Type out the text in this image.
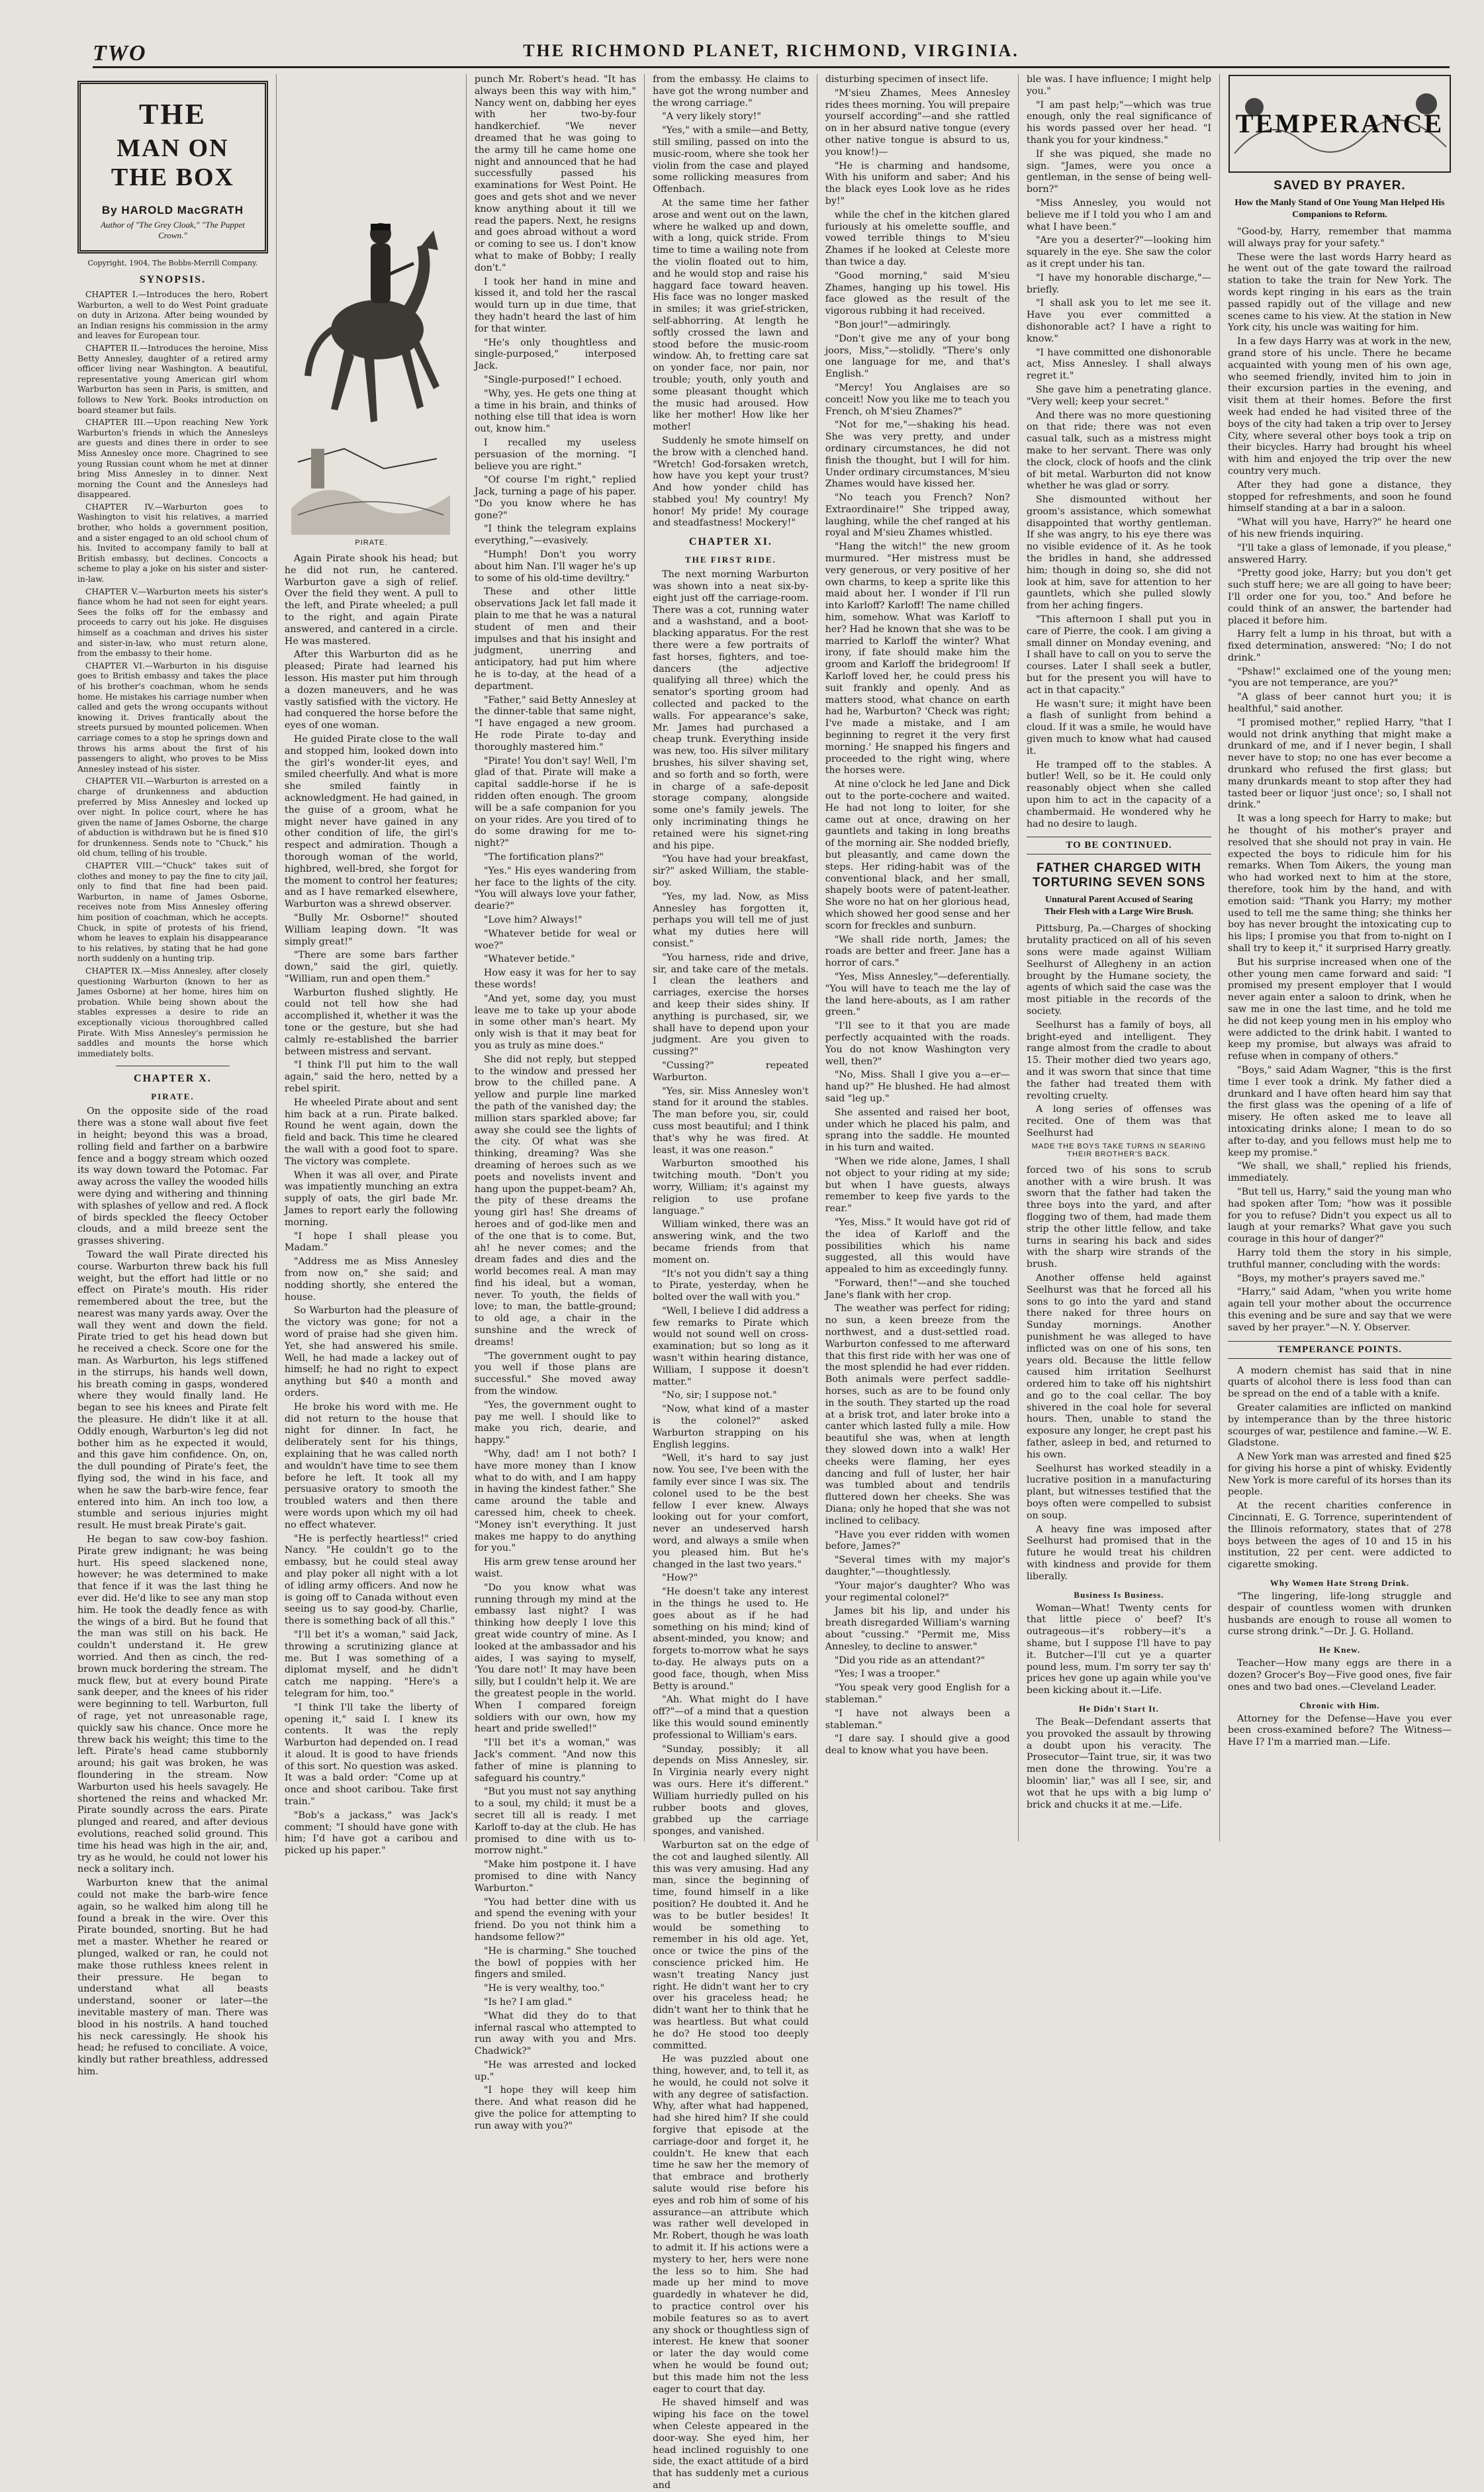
TWO	THE RICHMOND PLANET, RICHMOND, VIRGINIA.
THE
MAN ON THE BOX
By HAROLD MacGRATH
Author of "The Grey Cloak," "The Puppet Crown."
Copyright, 1904, The Bobbs-Merrill Company.
SYNOPSIS.

CHAPTER I.—Introduces the hero, Robert Warburton, a well to do West Point graduate on duty in Arizona. After being wounded by an Indian resigns his commission in the army and leaves for European tour.

CHAPTER II.—Introduces the heroine, Miss Betty Annesley, daughter of a retired army officer living near Washington. A beautiful, representative young American girl whom Warburton has seen in Paris, is smitten, and follows to New York. Books introduction on board steamer but fails.

CHAPTER III.—Upon reaching New York Warburton's friends in which the Annesleys are guests and dines there in order to see Miss Annesley once more. Chagrined to see young Russian count whom he met at dinner bring Miss Annesley in to dinner. Next morning the Count and the Annesleys had disappeared.

CHAPTER IV.—Warburton goes to Washington to visit his relatives, a married brother, who holds a government position, and a sister engaged to an old school chum of his. Invited to accompany family to ball at British embassy, but declines. Concocts a scheme to play a joke on his sister and sister-in-law.

CHAPTER V.—Warburton meets his sister's fiance whom he had not seen for eight years. Sees the folks off for the embassy and proceeds to carry out his joke. He disguises himself as a coachman and drives his sister and sister-in-law, who must return alone, from the embassy to their home.

CHAPTER VI.—Warburton in his disguise goes to British embassy and takes the place of his brother's coachman, whom he sends home. He mistakes his carriage number when called and gets the wrong occupants without knowing it. Drives frantically about the streets pursued by mounted policemen. When carriage comes to a stop he springs down and throws his arms about the first of his passengers to alight, who proves to be Miss Annesley instead of his sister.

CHAPTER VII.—Warburton is arrested on a charge of drunkenness and abduction preferred by Miss Annesley and locked up over night. In police court, where he has given the name of James Osborne, the charge of abduction is withdrawn but he is fined $10 for drunkenness. Sends note to "Chuck," his old chum, telling of his trouble.

CHAPTER VIII.—"Chuck" takes suit of clothes and money to pay the fine to city jail, only to find that fine had been paid. Warburton, in name of James Osborne, receives note from Miss Annesley offering him position of coachman, which he accepts. Chuck, in spite of protests of his friend, whom he leaves to explain his disappearance to his relatives, by stating that he had gone north suddenly on a hunting trip.

CHAPTER IX.—Miss Annesley, after closely questioning Warburton (known to her as James Osborne) at her home, hires him on probation. While being shown about the stables expresses a desire to ride an exceptionally vicious thoroughbred called Pirate. With Miss Annesley's permission he saddles and mounts the horse which immediately bolts.

CHAPTER X.
PIRATE.

On the opposite side of the road there was a stone wall about five feet in height; beyond this was a broad, rolling field and farther on a barbwire fence and a boggy stream which oozed its way down toward the Potomac. Far away across the valley the wooded hills were dying and withering and thinning with splashes of yellow and red. A flock of birds speckled the fleecy October clouds, and a mild breeze sent the grasses shivering.

Toward the wall Pirate directed his course. Warburton threw back his full weight, but the effort had little or no effect on Pirate's mouth. His rider remembered about the tree, but the nearest was many yards away. Over the wall they went and down the field. Pirate tried to get his head down but he received a check. Score one for the man. As Warburton, his legs stiffened in the stirrups, his hands well down, his breath coming in gasps, wondered where they would finally land. He began to see his knees and Pirate felt the pleasure. He didn't like it at all. Oddly enough, Warburton's leg did not bother him as he expected it would, and this gave him confidence. On, on, the dull pounding of Pirate's feet, the flying sod, the wind in his face, and when he saw the barb-wire fence, fear entered into him. An inch too low, a stumble and serious injuries might result. He must break Pirate's gait.

He began to saw cow-boy fashion. Pirate grew indignant; he was being hurt. His speed slackened none, however; he was determined to make that fence if it was the last thing he ever did. He'd like to see any man stop him. He took the deadly fence as with the wings of a bird. But he found that the man was still on his back. He couldn't understand it. He grew worried. And then as cinch, the red-brown muck bordering the stream. The muck flew, but at every bound Pirate sank deeper, and the knees of his rider were beginning to tell. Warburton, full of rage, yet not unreasonable rage, quickly saw his chance. Once more he threw back his weight; this time to the left. Pirate's head came stubbornly around; his gait was broken, he was floundering in the stream. Now Warburton used his heels savagely. He shortened the reins and whacked Mr. Pirate soundly across the ears. Pirate plunged and reared, and after devious evolutions, reached solid ground. This time his head was high in the air, and, try as he would, he could not lower his neck a solitary inch.

Warburton knew that the animal could not make the barb-wire fence again, so he walked him along till he found a break in the wire. Over this Pirate bounded, snorting. But he had met a master. Whether he reared or plunged, walked or ran, he could not make those ruthless knees relent in their pressure. He began to understand what all beasts understand, sooner or later—the inevitable mastery of man. There was blood in his nostrils. A hand touched his neck caressingly. He shook his head; he refused to conciliate. A voice, kindly but rather breathless, addressed him.

PIRATE.

Again Pirate shook his head; but he did not run, he cantered. Warburton gave a sigh of relief. Over the field they went. A pull to the left, and Pirate wheeled; a pull to the right, and again Pirate answered, and cantered in a circle. He was mastered.

After this Warburton did as he pleased; Pirate had learned his lesson. His master put him through a dozen maneuvers, and he was vastly satisfied with the victory. He had conquered the horse before the eyes of one woman.

He guided Pirate close to the wall and stopped him, looked down into the girl's wonder-lit eyes, and smiled cheerfully. And what is more she smiled faintly in acknowledgment. He had gained, in the guise of a groom, what he might never have gained in any other condition of life, the girl's respect and admiration. Though a thorough woman of the world, highbred, well-bred, she forgot for the moment to control her features; and as I have remarked elsewhere, Warburton was a shrewd observer.

"Bully Mr. Osborne!" shouted William leaping down. "It was simply great!"

"There are some bars farther down," said the girl, quietly. "William, run and open them."

Warburton flushed slightly. He could not tell how she had accomplished it, whether it was the tone or the gesture, but she had calmly re-established the barrier between mistress and servant.

"I think I'll put him to the wall again," said the hero, netted by a rebel spirit.

He wheeled Pirate about and sent him back at a run. Pirate balked. Round he went again, down the field and back. This time he cleared the wall with a good foot to spare. The victory was complete.

When it was all over, and Pirate was impatiently munching an extra supply of oats, the girl bade Mr. James to report early the following morning.

"I hope I shall please you Madam."

"Address me as Miss Annesley from now on," she said; and nodding shortly, she entered the house.

So Warburton had the pleasure of the victory was gone; for not a word of praise had she given him. Yet, she had answered his smile. Well, he had made a lackey out of himself; he had no right to expect anything but $40 a month and orders.

He broke his word with me. He did not return to the house that night for dinner. In fact, he deliberately sent for his things, explaining that he was called north and wouldn't have time to see them before he left. It took all my persuasive oratory to smooth the troubled waters and then there were words upon which my oil had no effect whatever.

"He is perfectly heartless!" cried Nancy. "He couldn't go to the embassy, but he could steal away and play poker all night with a lot of idling army officers. And now he is going off to Canada without even seeing us to say good-by. Charlie, there is something back of all this."

"I'll bet it's a woman," said Jack, throwing a scrutinizing glance at me. But I was something of a diplomat myself, and he didn't catch me napping. "Here's a telegram for him, too."

"I think I'll take the liberty of opening it," said I. I knew its contents. It was the reply Warburton had depended on. I read it aloud. It is good to have friends of this sort. No question was asked. It was a bald order: "Come up at once and shoot caribou. Take first train."

"Bob's a jackass," was Jack's comment; "I should have gone with him; I'd have got a caribou and picked up his paper."

punch Mr. Robert's head. "It has always been this way with him," Nancy went on, dabbing her eyes with her two-by-four handkerchief. "We never dreamed that he was going to the army till he came home one night and announced that he had successfully passed his examinations for West Point. He goes and gets shot and we never know anything about it till we read the papers. Next, he resigns and goes abroad without a word or coming to see us. I don't know what to make of Bobby; I really don't."

I took her hand in mine and kissed it, and told her the rascal would turn up in due time, that they hadn't heard the last of him for that winter.

"He's only thoughtless and single-purposed," interposed Jack.

"Single-purposed!" I echoed.

"Why, yes. He gets one thing at a time in his brain, and thinks of nothing else till that idea is worn out, know him."

I recalled my useless persuasion of the morning. "I believe you are right."

"Of course I'm right," replied Jack, turning a page of his paper. "Do you know where he has gone?"

"I think the telegram explains everything,"—evasively.

"Humph! Don't you worry about him Nan. I'll wager he's up to some of his old-time deviltry."

These and other little observations Jack let fall made it plain to me that he was a natural student of men and their impulses and that his insight and judgment, unerring and anticipatory, had put him where he is to-day, at the head of a department.

"Father," said Betty Annesley at the dinner-table that same night, "I have engaged a new groom. He rode Pirate to-day and thoroughly mastered him."

"Pirate! You don't say! Well, I'm glad of that. Pirate will make a capital saddle-horse if he is ridden often enough. The groom will be a safe companion for you on your rides. Are you tired of to do some drawing for me to-night?"

"The fortification plans?"

"Yes." His eyes wandering from her face to the lights of the city. "You will always love your father, dearie?"

"Love him? Always!"

"Whatever betide for weal or woe?"

"Whatever betide."

How easy it was for her to say these words!

"And yet, some day, you must leave me to take up your abode in some other man's heart. My only wish is that it may beat for you as truly as mine does."

She did not reply, but stepped to the window and pressed her brow to the chilled pane. A yellow and purple line marked the path of the vanished day; the million stars sparkled above; far away she could see the lights of the city. Of what was she thinking, dreaming? Was she dreaming of heroes such as we poets and novelists invent and hang upon the puppet-beam? Ah, the pity of these dreams the young girl has! She dreams of heroes and of god-like men and of the one that is to come. But, ah! he never comes; and the dream fades and dies and the world becomes real. A man may find his ideal, but a woman, never. To youth, the fields of love; to man, the battle-ground; to old age, a chair in the sunshine and the wreck of dreams!

"The government ought to pay you well if those plans are successful." She moved away from the window.

"Yes, the government ought to pay me well. I should like to make you rich, dearie, and happy."

"Why, dad! am I not both? I have more money than I know what to do with, and I am happy in having the kindest father." She came around the table and caressed him, cheek to cheek. "Money isn't everything. It just makes me happy to do anything for you."

His arm grew tense around her waist.

"Do you know what was running through my mind at the embassy last night? I was thinking how deeply I love this great wide country of mine. As I looked at the ambassador and his aides, I was saying to myself, 'You dare not!' It may have been silly, but I couldn't help it. We are the greatest people in the world. When I compared foreign soldiers with our own, how my heart and pride swelled!"

"I'll bet it's a woman," was Jack's comment. "And now this father of mine is planning to safeguard his country."

"But you must not say anything to a soul, my child; it must be a secret till all is ready. I met Karloff to-day at the club. He has promised to dine with us to-morrow night."

"Make him postpone it. I have promised to dine with Nancy Warburton."

"You had better dine with us and spend the evening with your friend. Do you not think him a handsome fellow?"

"He is charming." She touched the bowl of poppies with her fingers and smiled.

"He is very wealthy, too."

"Is he? I am glad."

"What did they do to that infernal rascal who attempted to run away with you and Mrs. Chadwick?"

"He was arrested and locked up."

"I hope they will keep him there. And what reason did he give the police for attempting to run away with you?"

from the embassy. He claims to have got the wrong number and the wrong carriage."

"A very likely story!"

"Yes," with a smile—and Betty, still smiling, passed on into the music-room, where she took her violin from the case and played some rollicking measures from Offenbach.

At the same time her father arose and went out on the lawn, where he walked up and down, with a long, quick stride. From time to time a wailing note from the violin floated out to him, and he would stop and raise his haggard face toward heaven. His face was no longer masked in smiles; it was grief-stricken, self-abhorring. At length he softly crossed the lawn and stood before the music-room window. Ah, to fretting care sat on yonder face, nor pain, nor trouble; youth, only youth and some pleasant thought which the music had aroused. How like her mother! How like her mother!

Suddenly he smote himself on the brow with a clenched hand. "Wretch! God-forsaken wretch, how have you kept your trust? And how yonder child has stabbed you! My country! My honor! My pride! My courage and steadfastness! Mockery!"

CHAPTER XI.
THE FIRST RIDE.

The next morning Warburton was shown into a neat six-by-eight just off the carriage-room. There was a cot, running water and a washstand, and a boot-blacking apparatus. For the rest there were a few portraits of fast horses, fighters, and toe-dancers (the adjective qualifying all three) which the senator's sporting groom had collected and packed to the walls. For appearance's sake, Mr. James had purchased a cheap trunk. Everything inside was new, too. His silver military brushes, his silver shaving set, and so forth and so forth, were in charge of a safe-deposit storage company, alongside some one's family jewels. The only incriminating things he retained were his signet-ring and his pipe.

"You have had your breakfast, sir?" asked William, the stable-boy.

"Yes, my lad. Now, as Miss Annesley has forgotten it, perhaps you will tell me of just what my duties here will consist."

"You harness, ride and drive, sir, and take care of the metals. I clean the leathers and carriages, exercise the horses and keep their sides shiny. If anything is purchased, sir, we shall have to depend upon your judgment. Are you given to cussing?"

"Cussing?" repeated Warburton.

"Yes, sir. Miss Annesley won't stand for it around the stables. The man before you, sir, could cuss most beautiful; and I think that's why he was fired. At least, it was one reason."

Warburton smoothed his twitching mouth. "Don't you worry, William; it's against my religion to use profane language."

William winked, there was an answering wink, and the two became friends from that moment on.

"It's not you didn't say a thing to Pirate, yesterday, when he bolted over the wall with you."

"Well, I believe I did address a few remarks to Pirate which would not sound well on cross-examination; but so long as it wasn't within hearing distance, William, I suppose it doesn't matter."

"No, sir; I suppose not."

"Now, what kind of a master is the colonel?" asked Warburton strapping on his English leggins.

"Well, it's hard to say just now. You see, I've been with the family ever since I was six. The colonel used to be the best fellow I ever knew. Always looking out for your comfort, never an undeserved harsh word, and always a smile when you pleased him. But he's changed in the last two years."

"How?"

"He doesn't take any interest in the things he used to. He goes about as if he had something on his mind; kind of absent-minded, you know; and forgets to-morrow what he says to-day. He always puts on a good face, though, when Miss Betty is around."

"Ah. What might do I have off?"—of a mind that a question like this would sound eminently professional to William's ears.

"Sunday, possibly; it all depends on Miss Annesley, sir. In Virginia nearly every night was ours. Here it's different." William hurriedly pulled on his rubber boots and gloves, grabbed up the carriage sponges, and vanished.

Warburton sat on the edge of the cot and laughed silently. All this was very amusing. Had any man, since the beginning of time, found himself in a like position? He doubted it. And he was to be butler besides! It would be something to remember in his old age. Yet, once or twice the pins of the conscience pricked him. He wasn't treating Nancy just right. He didn't want her to cry over his graceless head; he didn't want her to think that he was heartless. But what could he do? He stood too deeply committed.

He was puzzled about one thing, however, and, to tell it, as he would, he could not solve it with any degree of satisfaction. Why, after what had happened, had she hired him? If she could forgive that episode at the carriage-door and forget it, he couldn't. He knew that each time he saw her the memory of that embrace and brotherly salute would rise before his eyes and rob him of some of his assurance—an attribute which was rather well developed in Mr. Robert, though he was loath to admit it. If his actions were a mystery to her, hers were none the less so to him. She had made up her mind to move guardedly in whatever he did, to practice control over his mobile features so as to avert any shock or thoughtless sign of interest. He knew that sooner or later the day would come when he would be found out; but this made him not the less eager to court that day.

He shaved himself and was wiping his face on the towel when Celeste appeared in the door-way. She eyed him, her head inclined roguishly to one side, the exact attitude of a bird that has suddenly met a curious and

disturbing specimen of insect life.

"M'sieu Zhames, Mees Annesley rides thees morning. You will prepaire yourself according"—and she rattled on in her absurd native tongue (every other native tongue is absurd to us, you know!)—

"He is charming and handsome, With his uniform and saber; And his the black eyes Look love as he rides by!"

while the chef in the kitchen glared furiously at his omelette souffle, and vowed terrible things to M'sieu Zhames if he looked at Celeste more than twice a day.

"Good morning," said M'sieu Zhames, hanging up his towel. His face glowed as the result of the vigorous rubbing it had received.

"Bon jour!"—admiringly.

"Don't give me any of your bong joors, Miss,"—stolidly. "There's only one language for me, and that's English."

"Mercy! You Anglaises are so conceit! Now you like me to teach you French, oh M'sieu Zhames?"

"Not for me,"—shaking his head. She was very pretty, and under ordinary circumstances, he did not finish the thought, but I will for him. Under ordinary circumstances, M'sieu Zhames would have kissed her.

"No teach you French? Non? Extraordinaire!" She tripped away, laughing, while the chef ranged at his royal and M'sieu Zhames whistled.

"Hang the witch!" the new groom murmured. "Her mistress must be very generous, or very positive of her own charms, to keep a sprite like this maid about her. I wonder if I'll run into Karloff? Karloff! The name chilled him, somehow. What was Karloff to her? Had he known that she was to be married to Karloff the winter? What irony, if fate should make him the groom and Karloff the bridegroom! If Karloff loved her, he could press his suit frankly and openly. And as matters stood, what chance on earth had he, Warburton? 'Check was right; I've made a mistake, and I am beginning to regret it the very first morning.' He snapped his fingers and proceeded to the right wing, where the horses were.

At nine o'clock he led Jane and Dick out to the porte-cochere and waited. He had not long to loiter, for she came out at once, drawing on her gauntlets and taking in long breaths of the morning air. She nodded briefly, but pleasantly, and came down the steps. Her riding-habit was of the conventional black, and her small, shapely boots were of patent-leather. She wore no hat on her glorious head, which showed her good sense and her scorn for freckles and sunburn.

"We shall ride north, James; the roads are better and freer. Jane has a horror of cars."

"Yes, Miss Annesley,"—deferentially. "You will have to teach me the lay of the land here-abouts, as I am rather green."

"I'll see to it that you are made perfectly acquainted with the roads. You do not know Washington very well, then?"

"No, Miss. Shall I give you a—er—hand up?" He blushed. He had almost said "leg up."

She assented and raised her boot, under which he placed his palm, and sprang into the saddle. He mounted in his turn and waited.

"When we ride alone, James, I shall not object to your riding at my side; but when I have guests, always remember to keep five yards to the rear."

"Yes, Miss." It would have got rid of the idea of Karloff and the possibilities which his name suggested, all this would have appealed to him as exceedingly funny.

"Forward, then!"—and she touched Jane's flank with her crop.

The weather was perfect for riding; no sun, a keen breeze from the northwest, and a dust-settled road. Warburton confessed to me afterward that this first ride with her was one of the most splendid he had ever ridden. Both animals were perfect saddle-horses, such as are to be found only in the south. They started up the road at a brisk trot, and later broke into a canter which lasted fully a mile. How beautiful she was, when at length they slowed down into a walk! Her cheeks were flaming, her eyes dancing and full of luster, her hair was tumbled about and tendrils fluttered down her cheeks. She was Diana; only he hoped that she was not inclined to celibacy.

"Have you ever ridden with women before, James?"

"Several times with my major's daughter,"—thoughtlessly.

"Your major's daughter? Who was your regimental colonel?"

James bit his lip, and under his breath disregarded William's warning about "cussing." "Permit me, Miss Annesley, to decline to answer."

"Did you ride as an attendant?"

"Yes; I was a trooper."

"You speak very good English for a stableman."

"I have not always been a stableman."

"I dare say. I should give a good deal to know what you have been.

ble was. I have influence; I might help you."

"I am past help;"—which was true enough, only the real significance of his words passed over her head. "I thank you for your kindness."

If she was piqued, she made no sign. "James, were you once a gentleman, in the sense of being well-born?"

"Miss Annesley, you would not believe me if I told you who I am and what I have been."

"Are you a deserter?"—looking him squarely in the eye. She saw the color as it crept under his tan.

"I have my honorable discharge,"—briefly.

"I shall ask you to let me see it. Have you ever committed a dishonorable act? I have a right to know."

"I have committed one dishonorable act, Miss Annesley. I shall always regret it."

She gave him a penetrating glance. "Very well; keep your secret."

And there was no more questioning on that ride; there was not even casual talk, such as a mistress might make to her servant. There was only the clock, clock of hoofs and the clink of bit metal. Warburton did not know whether he was glad or sorry.

She dismounted without her groom's assistance, which somewhat disappointed that worthy gentleman. If she was angry, to his eye there was no visible evidence of it. As he took the bridles in hand, she addressed him; though in doing so, she did not look at him, save for attention to her gauntlets, which she pulled slowly from her aching fingers.

"This afternoon I shall put you in care of Pierre, the cook. I am giving a small dinner on Monday evening, and I shall have to call on you to serve the courses. Later I shall seek a butler, but for the present you will have to act in that capacity."

He wasn't sure; it might have been a flash of sunlight from behind a cloud. If it was a smile, he would have given much to know what had caused it.

He tramped off to the stables. A butler! Well, so be it. He could only reasonably object when she called upon him to act in the capacity of a chambermaid. He wondered why he had no desire to laugh.

TO BE CONTINUED.
FATHER CHARGED WITH TORTURING SEVEN SONS
Unnatural Parent Accused of Searing Their Flesh with a Large Wire Brush.

Pittsburg, Pa.—Charges of shocking brutality practiced on all of his seven sons were made against William Seelhurst of Allegheny in an action brought by the Humane society, the agents of which said the case was the most pitiable in the records of the society.

Seelhurst has a family of boys, all bright-eyed and intelligent. They range almost from the cradle to about 15. Their mother died two years ago, and it was sworn that since that time the father had treated them with revolting cruelty.

A long series of offenses was recited. One of them was that Seelhurst had

MADE THE BOYS TAKE TURNS IN SEARING THEIR BROTHER'S BACK.

forced two of his sons to scrub another with a wire brush. It was sworn that the father had taken the three boys into the yard, and after flogging two of them, had made them strip the other little fellow, and take turns in searing his back and sides with the sharp wire strands of the brush.

Another offense held against Seelhurst was that he forced all his sons to go into the yard and stand there naked for three hours on Sunday mornings. Another punishment he was alleged to have inflicted was on one of his sons, ten years old. Because the little fellow caused him irritation Seelhurst ordered him to take off his nightshirt and go to the coal cellar. The boy shivered in the coal hole for several hours. Then, unable to stand the exposure any longer, he crept past his father, asleep in bed, and returned to his own.

Seelhurst has worked steadily in a lucrative position in a manufacturing plant, but witnesses testified that the boys often were compelled to subsist on soup.

A heavy fine was imposed after Seelhurst had promised that in the future he would treat his children with kindness and provide for them liberally.

Business Is Business.

Woman—What! Twenty cents for that little piece o' beef? It's outrageous—it's robbery—it's a shame, but I suppose I'll have to pay it. Butcher—I'll cut ye a quarter pound less, mum. I'm sorry ter say th' prices hev gone up again while you've been kicking about it.—Life.

He Didn't Start It.

The Beak—Defendant asserts that you provoked the assault by throwing a doubt upon his veracity. The Prosecutor—Taint true, sir, it was two men done the throwing. You're a bloomin' liar," was all I see, sir, and wot that he ups with a big lump o' brick and chucks it at me.—Life.

TEMPERANCE
SAVED BY PRAYER.
How the Manly Stand of One Young Man Helped His Companions to Reform.

"Good-by, Harry, remember that mamma will always pray for your safety."

These were the last words Harry heard as he went out of the gate toward the railroad station to take the train for New York. The words kept ringing in his ears as the train passed rapidly out of the village and new scenes came to his view. At the station in New York city, his uncle was waiting for him.

In a few days Harry was at work in the new, grand store of his uncle. There he became acquainted with young men of his own age, who seemed friendly, invited him to join in their excursion parties in the evening, and visit them at their homes. Before the first week had ended he had visited three of the boys of the city had taken a trip over to Jersey City, where several other boys took a trip on their bicycles. Harry had brought his wheel with him and enjoyed the trip over the new country very much.

After they had gone a distance, they stopped for refreshments, and soon he found himself standing at a bar in a saloon.

"What will you have, Harry?" he heard one of his new friends inquiring.

"I'll take a glass of lemonade, if you please," answered Harry.

"Pretty good joke, Harry; but you don't get such stuff here; we are all going to have beer; I'll order one for you, too." And before he could think of an answer, the bartender had placed it before him.

Harry felt a lump in his throat, but with a fixed determination, answered: "No; I do not drink."

"Pshaw!" exclaimed one of the young men; "you are not temperance, are you?"

"A glass of beer cannot hurt you; it is healthful," said another.

"I promised mother," replied Harry, "that I would not drink anything that might make a drunkard of me, and if I never begin, I shall never have to stop; no one has ever become a drunkard who refused the first glass; but many drunkards meant to stop after they had tasted beer or liquor 'just once'; so, I shall not drink."

It was a long speech for Harry to make; but he thought of his mother's prayer and resolved that she should not pray in vain. He expected the boys to ridicule him for his remarks. When Tom Aikers, the young man who had worked next to him at the store, therefore, took him by the hand, and with emotion said: "Thank you Harry; my mother used to tell me the same thing; she thinks her boy has never brought the intoxicating cup to his lips; I promise you that from to-night on I shall try to keep it," it surprised Harry greatly.

But his surprise increased when one of the other young men came forward and said: "I promised my present employer that I would never again enter a saloon to drink, when he saw me in one the last time, and he told me he did not keep young men in his employ who were addicted to the drink habit. I wanted to keep my promise, but always was afraid to refuse when in company of others."

"Boys," said Adam Wagner, "this is the first time I ever took a drink. My father died a drunkard and I have often heard him say that the first glass was the opening of a life of misery. He often asked me to leave all intoxicating drinks alone; I mean to do so after to-day, and you fellows must help me to keep my promise."

"We shall, we shall," replied his friends, immediately.

"But tell us, Harry," said the young man who had spoken after Tom; "how was it possible for you to refuse? Didn't you expect us all to laugh at your remarks? What gave you such courage in this hour of danger?"

Harry told them the story in his simple, truthful manner, concluding with the words:

"Boys, my mother's prayers saved me."

"Harry," said Adam, "when you write home again tell your mother about the occurrence this evening and be sure and say that we were saved by her prayer."—N. Y. Observer.

TEMPERANCE POINTS.

A modern chemist has said that in nine quarts of alcohol there is less food than can be spread on the end of a table with a knife.

Greater calamities are inflicted on mankind by intemperance than by the three historic scourges of war, pestilence and famine.—W. E. Gladstone.

A New York man was arrested and fined $25 for giving his horse a pint of whisky. Evidently New York is more careful of its horses than its people.

At the recent charities conference in Cincinnati, E. G. Torrence, superintendent of the Illinois reformatory, states that of 278 boys between the ages of 10 and 15 in his institution, 22 per cent. were addicted to cigarette smoking.

Why Women Hate Strong Drink.

"The lingering, life-long struggle and despair of countless women with drunken husbands are enough to rouse all women to curse strong drink."—Dr. J. G. Holland.

He Knew.

Teacher—How many eggs are there in a dozen? Grocer's Boy—Five good ones, five fair ones and two bad ones.—Cleveland Leader.

Chronic with Him.

Attorney for the Defense—Have you ever been cross-examined before? The Witness—Have I? I'm a married man.—Life.
